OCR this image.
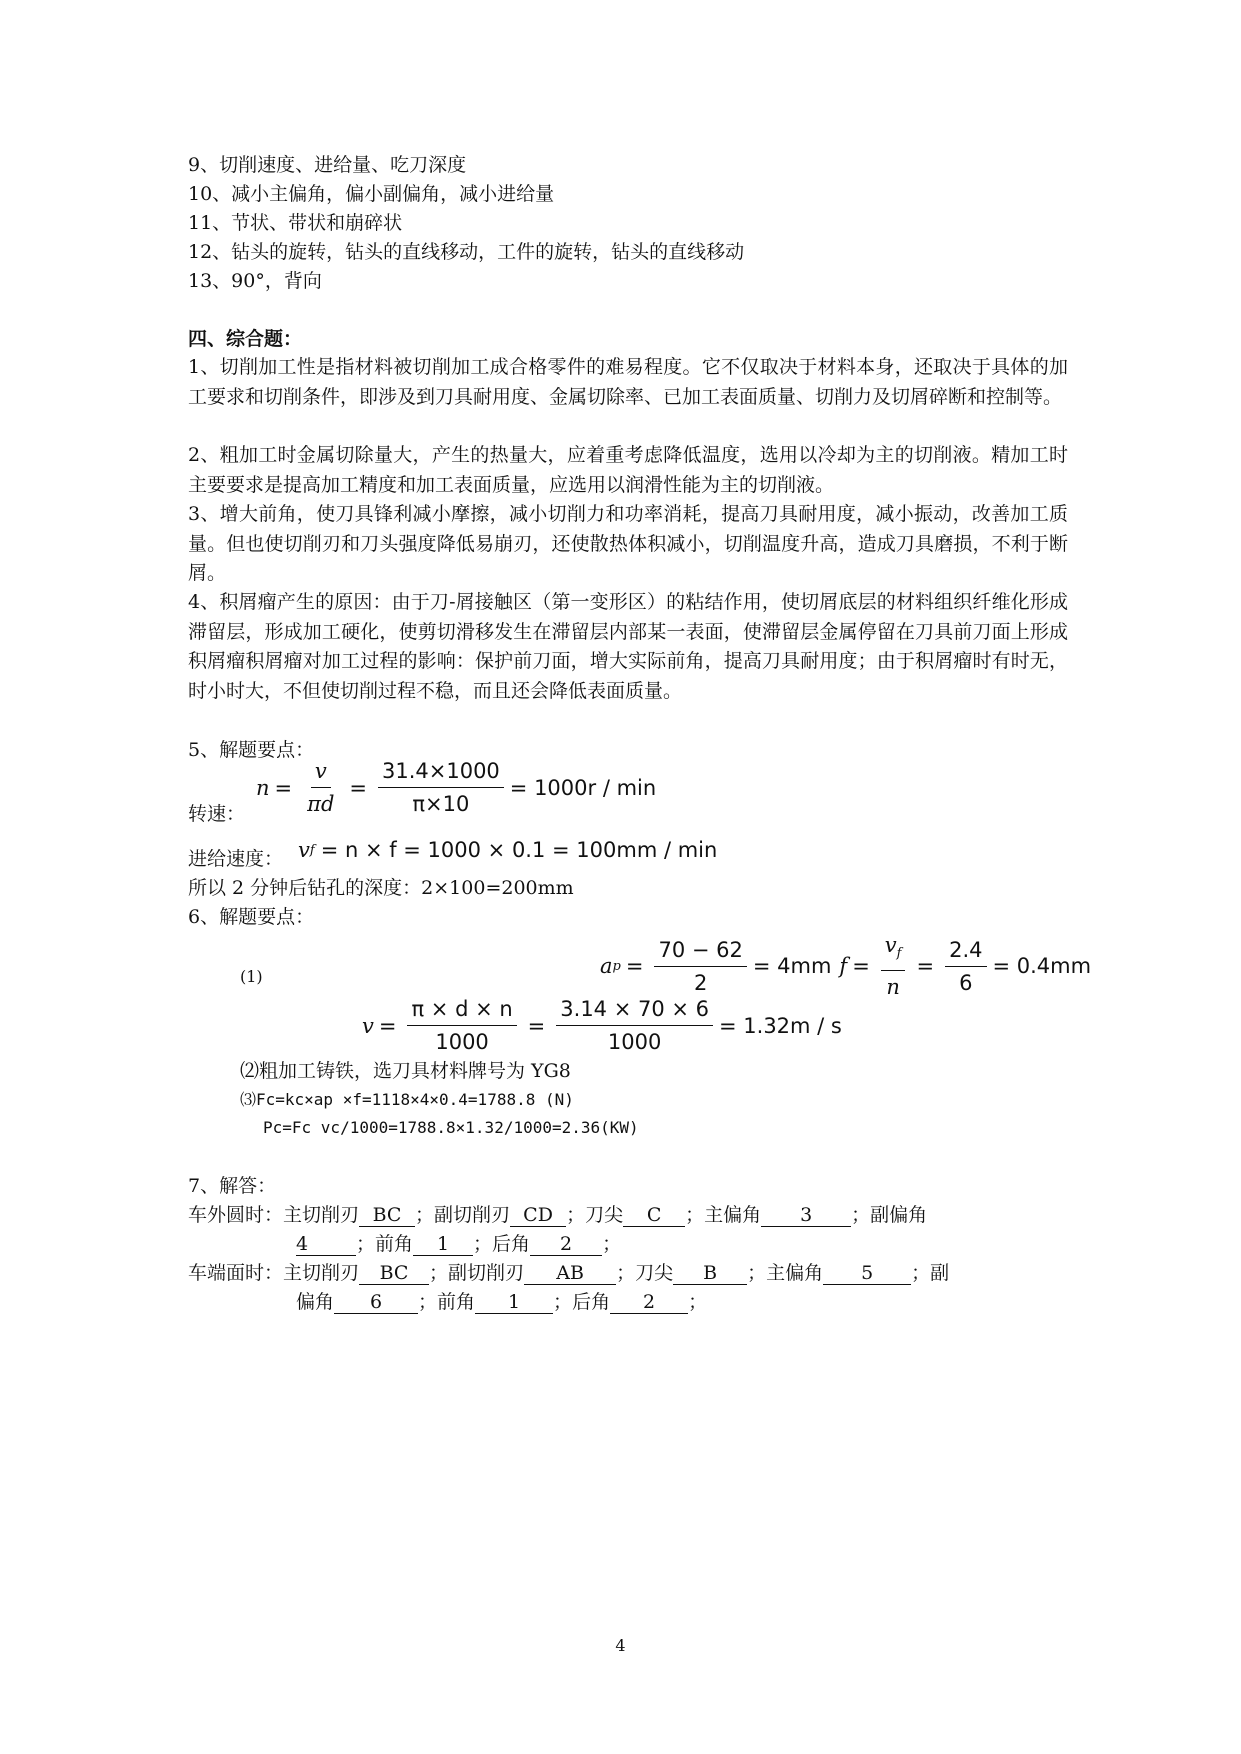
9、切削速度、进给量、吃刀深度
10、减小主偏角，偏小副偏角，减小进给量
11、节状、带状和崩碎状
12、钻头的旋转，钻头的直线移动，工件的旋转，钻头的直线移动
13、90°，背向
四、综合题：
1、切削加工性是指材料被切削加工成合格零件的难易程度。它不仅取决于材料本身，还取决于具体的加工要求和切削条件，即涉及到刀具耐用度、金属切除率、已加工表面质量、切削力及切屑碎断和控制等。
2、粗加工时金属切除量大，产生的热量大，应着重考虑降低温度，选用以冷却为主的切削液。精加工时主要要求是提高加工精度和加工表面质量，应选用以润滑性能为主的切削液。
3、增大前角，使刀具锋利减小摩擦，减小切削力和功率消耗，提高刀具耐用度，减小振动，改善加工质量。但也使切削刃和刀头强度降低易崩刃，还使散热体积减小，切削温度升高，造成刀具磨损，不利于断屑。
4、积屑瘤产生的原因：由于刀-屑接触区（第一变形区）的粘结作用，使切屑底层的材料组织纤维化形成滞留层，形成加工硬化，使剪切滑移发生在滞留层内部某一表面，使滞留层金属停留在刀具前刀面上形成积屑瘤积屑瘤对加工过程的影响：保护前刀面，增大实际前角，提高刀具耐用度；由于积屑瘤时有时无，时小时大，不但使切削过程不稳，而且还会降低表面质量。
5、解题要点：
转速：
$n = \frac{v}{\pi d} = \frac{31.4\times 1000}{\pi\times 10} = 1000r / \min$
进给速度： v f = n × f = 1000 × 0.1 = 100mm / min
所以 2 分钟后钻孔的深度：2×100=200mm
6、解题要点：
(1)	a $p = \frac{70 - 62}{2} = 4mm$ $f = \frac{v_f}{n} = \frac{2.4}{6} = 0.4mm$
$v = \frac{\pi \times d \times n}{1000} = \frac{3.14 \times 70 \times 6}{1000} = 1.32m / s$
⑵粗加工铸铁，选刀具材料牌号为 YG8
⑶Fc=kc×ap ×f=1118×4×0.4=1788.8 (N)
Pc=Fc vc/1000=1788.8×1.32/1000=2.36(KW)
7、解答：
车外圆时：主切削刃 BC ；副切削刃 CD ；刀尖 C ；主偏角 3 ；副偏角
4	；前角 1 ；后角 2 ；
车端面时：主切削刃 BC ；副切削刃 AB ；刀尖 B ；主偏角 5 ；副
偏角 6 ；前角 1 ；后角 2 ；
4
